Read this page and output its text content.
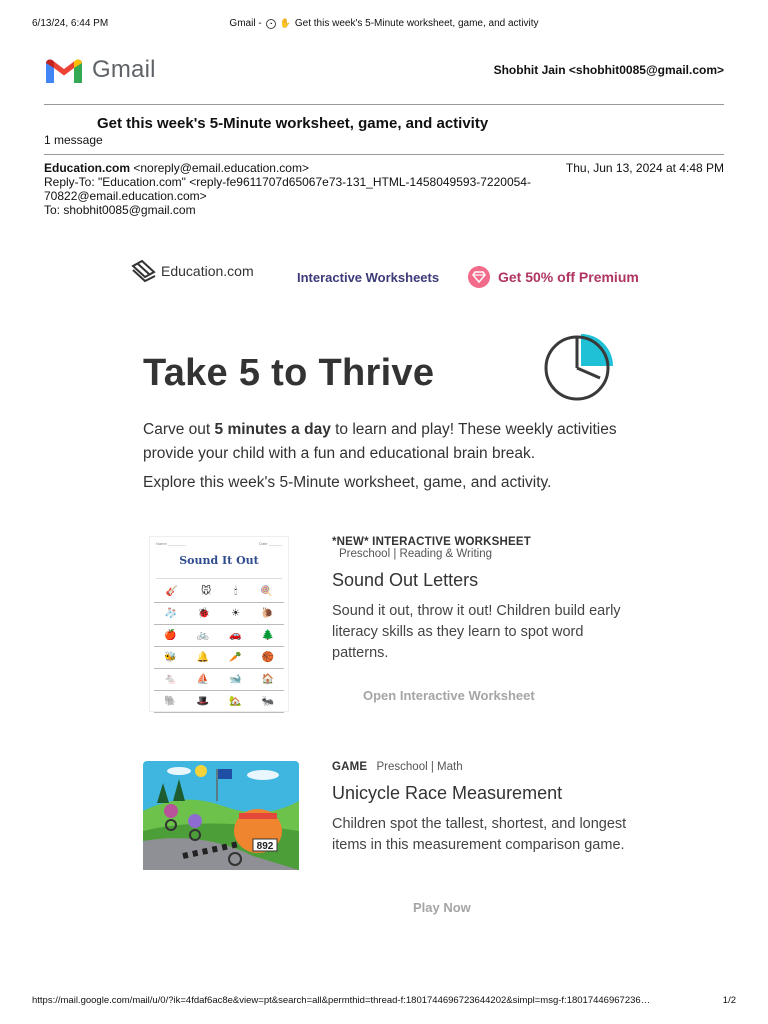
6/13/24, 6:44 PM	Gmail - ◔ ✋ Get this week's 5-Minute worksheet, game, and activity
Gmail	Shobhit Jain <shobhit0085@gmail.com>
Get this week's 5-Minute worksheet, game, and activity
1 message
Education.com <noreply@email.education.com>	Thu, Jun 13, 2024 at 4:48 PM
Reply-To: "Education.com" <reply-fe9611707d65067e73-131_HTML-1458049593-7220054-70822@email.education.com>
To: shobhit0085@gmail.com
Education.com	Interactive Worksheets	Get 50% off Premium
Take 5 to Thrive
Carve out 5 minutes a day to learn and play! These weekly activities provide your child with a fun and educational brain break.
Explore this week's 5-Minute worksheet, game, and activity.
Name ________	Date ______
Sound It Out
🎸 🐭 🕯 🍭
🧦 🐞 ☀ 🐌
🍎 🚲 🚗 🌲
🐝 🔔 🥕 🏀
🐁 ⛵ 🐋 🏠
🐘 🎩 🏡 🐜
*NEW* INTERACTIVE WORKSHEET
Preschool | Reading & Writing
Sound Out Letters
Sound it out, throw it out! Children build early literacy skills as they learn to spot word patterns.
Open Interactive Worksheet
892
GAME Preschool | Math
Unicycle Race Measurement
Children spot the tallest, shortest, and longest items in this measurement comparison game.
Play Now
https://mail.google.com/mail/u/0/?ik=4fdaf6ac8e&view=pt&search=all&permthid=thread-f:1801744696723644202&simpl=msg-f:18017446967236…	1/2
